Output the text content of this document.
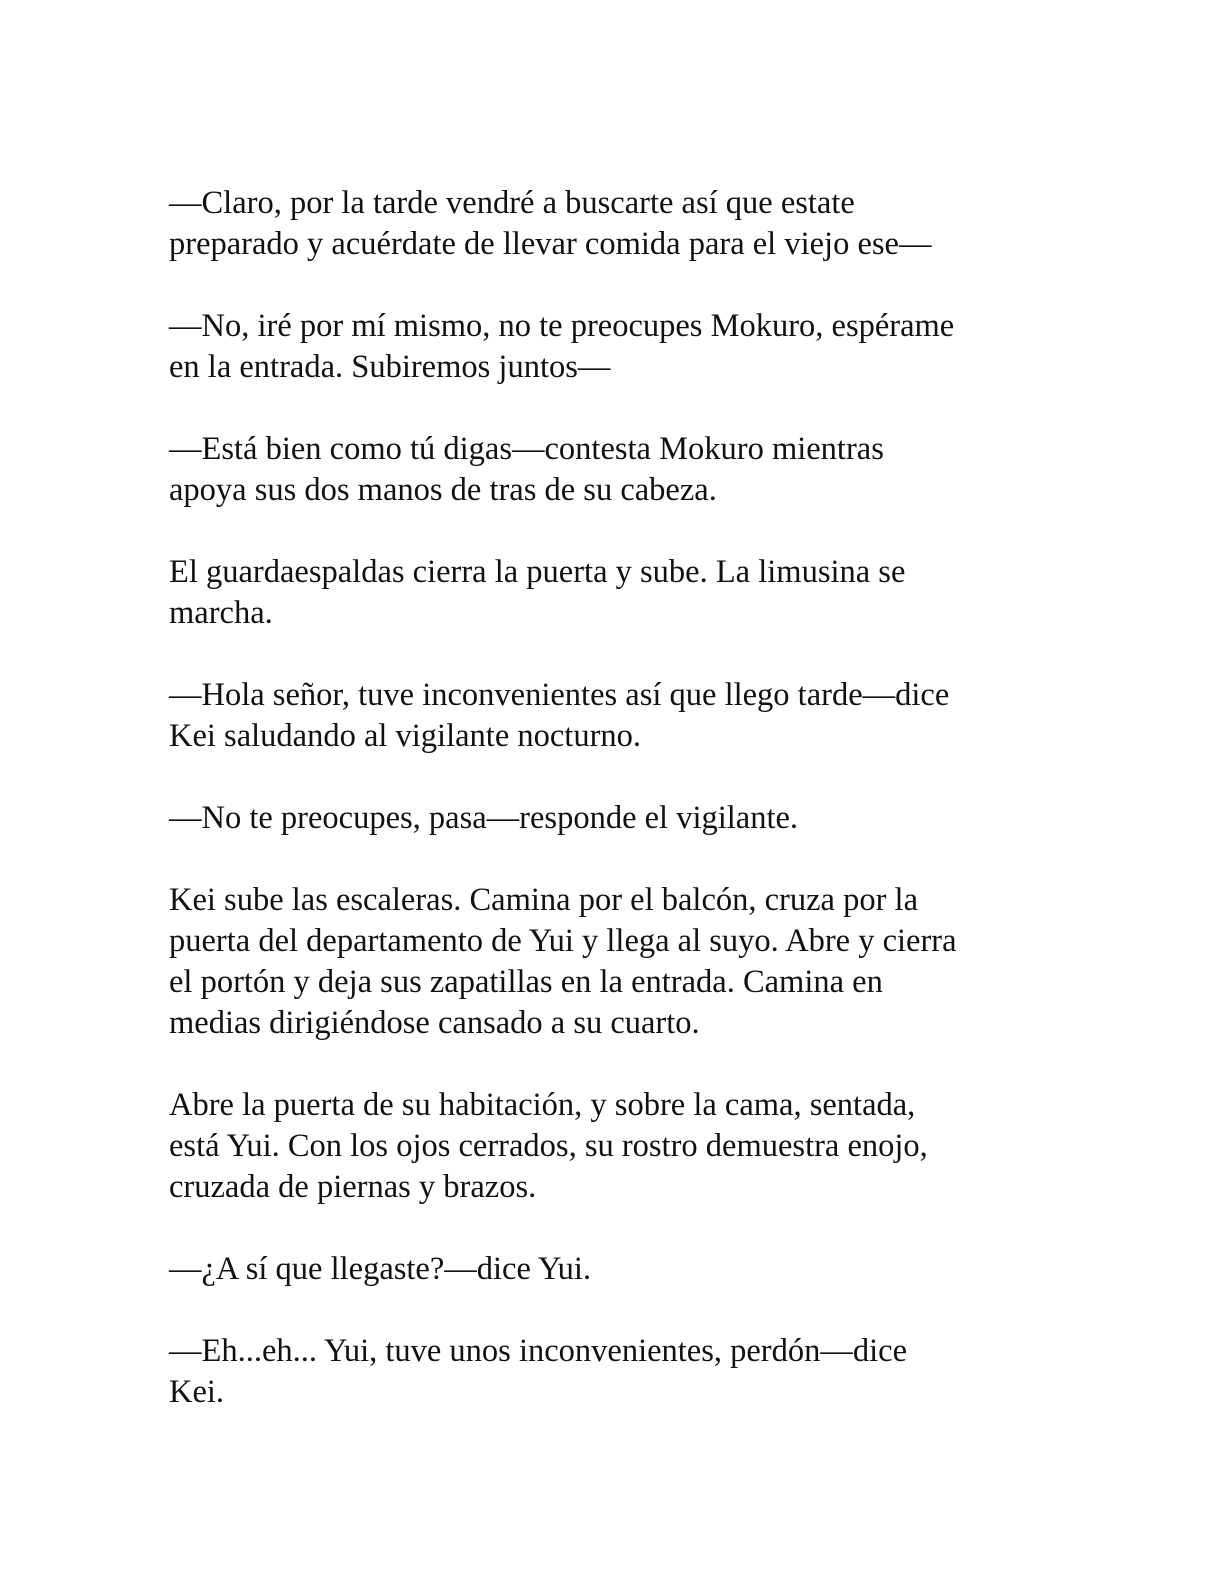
—Claro, por la tarde vendré a buscarte así que estate
preparado y acuérdate de llevar comida para el viejo ese—

—No, iré por mí mismo, no te preocupes Mokuro, espérame
en la entrada. Subiremos juntos—

—Está bien como tú digas—contesta Mokuro mientras
apoya sus dos manos de tras de su cabeza.

El guardaespaldas cierra la puerta y sube. La limusina se
marcha.

—Hola señor, tuve inconvenientes así que llego tarde—dice
Kei saludando al vigilante nocturno.

—No te preocupes, pasa—responde el vigilante.

Kei sube las escaleras. Camina por el balcón, cruza por la
puerta del departamento de Yui y llega al suyo. Abre y cierra
el portón y deja sus zapatillas en la entrada. Camina en
medias dirigiéndose cansado a su cuarto.

Abre la puerta de su habitación, y sobre la cama, sentada,
está Yui. Con los ojos cerrados, su rostro demuestra enojo,
cruzada de piernas y brazos.

—¿A sí que llegaste?—dice Yui.

—Eh...eh... Yui, tuve unos inconvenientes, perdón—dice
Kei.
